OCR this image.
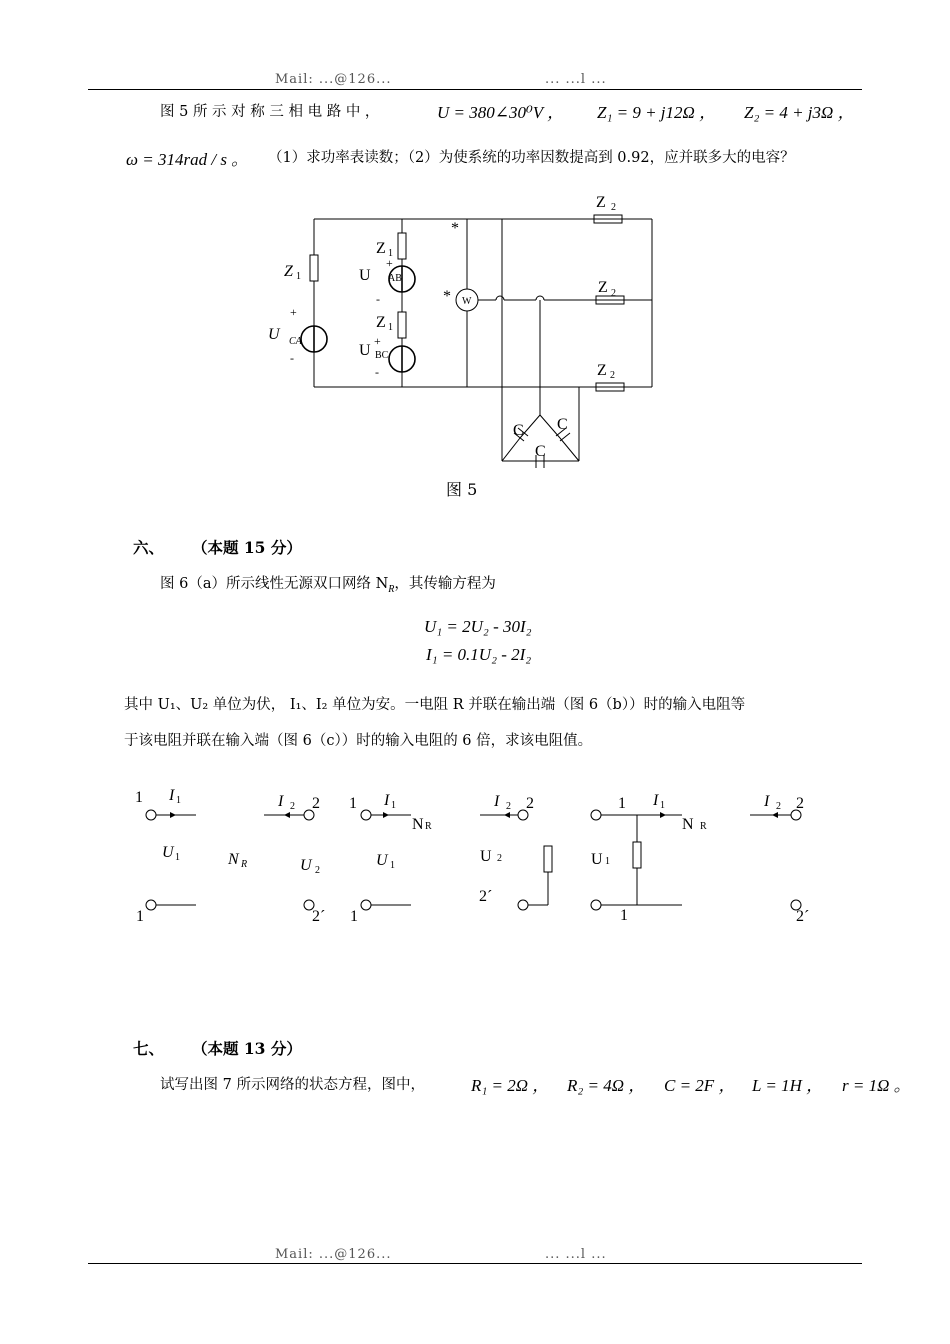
Mail: ...@126...	... ...l ...
Mail: ...@126...	... ...l ...
图 5 所 示 对 称 三 相 电 路 中 ，	U = 380∠30⁰V ， Z₁ = 9 + j12Ω ， Z₂ = 4 + j3Ω ，
ω = 314rad / s 。 （1）求功率表读数；（2）为使系统的功率因数提高到 0.92，应并联多大的电容？
Z 1
Z 1
Z 1
U AB
+
-
U BC
+
-
U CA
+
-
*
* W
Z 2
Z 2
Z 2
C C
C
图 5
六、 （本题 15 分）
图 6（a）所示线性无源双口网络 $N_R$，其传输方程为
U₁ = 2U₂ - 30I₂
I₁ = 0.1U₂ - 2I₂
其中 U₁、U₂ 单位为伏， I₁、I₂ 单位为安。一电阻 R 并联在输出端（图 6（b））时的输入电阻等
于该电阻并联在输入端（图 6（c））时的输入电阻的 6 倍，求该电阻值。
1 I 1	I 2 2
U 1	N R	U 2
1	2´
1 I 1
N R
I 2 2
U 1
U 2
1
2´
1 I 1
N R
I 2 2
U 1
1	2´
七、 （本题 13 分）
试写出图 7 所示网络的状态方程，图中，	R₁ = 2Ω ， R₂ = 4Ω ， C = 2F ， L = 1H ， r = 1Ω 。
